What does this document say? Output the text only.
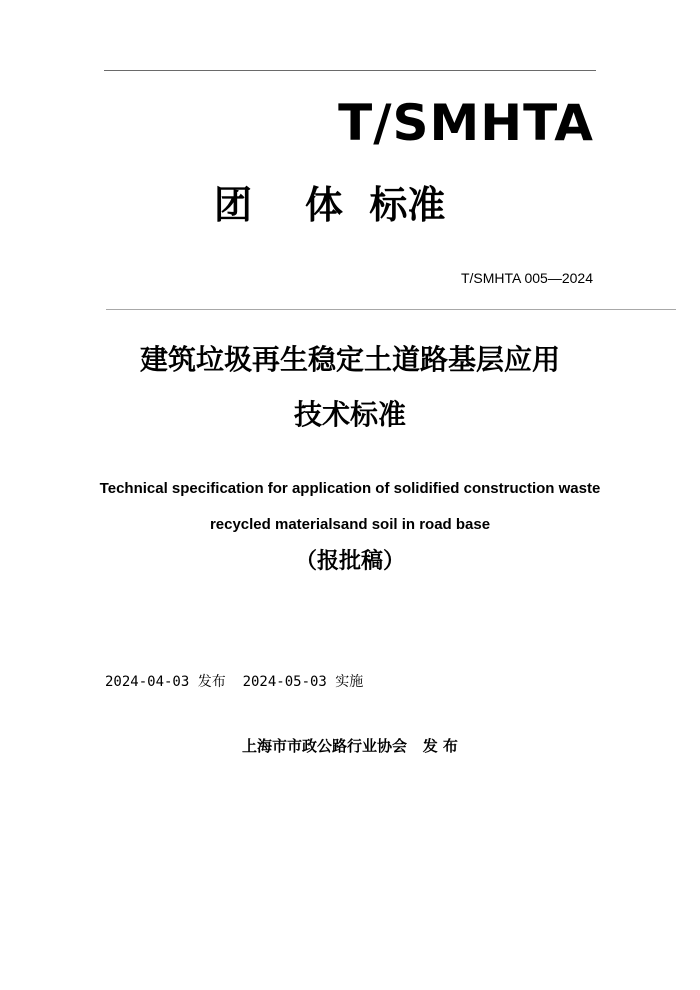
T/SMHTA
团    体  标准
T/SMHTA 005—2024
建筑垃圾再生稳定土道路基层应用
技术标准
Technical specification for application of solidified construction waste
recycled materialsand soil in road base
（报批稿）
2024-04-03 发布  2024-05-03 实施
上海市市政公路行业协会   发 布
